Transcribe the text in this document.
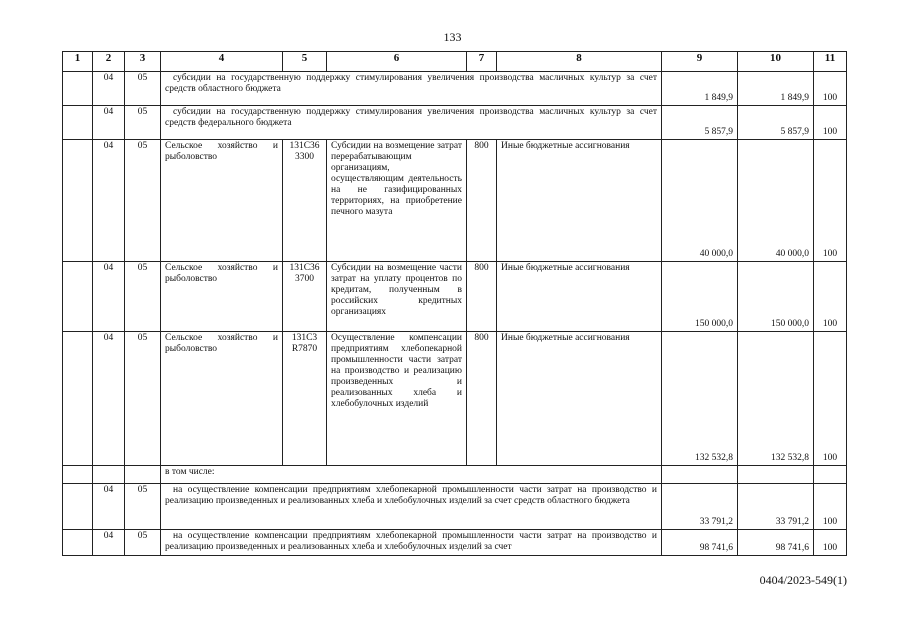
133
1	2	3	4	5	6	7	8	9	10	11
	04	05	субсидии на государственную поддержку стимулирования увеличения производства масличных культур за счет средств областного бюджета					1 849,9	1 849,9	100
	04	05	субсидии на государственную поддержку стимулирования увеличения производства масличных культур за счет средств федерального бюджета					5 857,9	5 857,9	100
	04	05	Сельское хозяйство и рыболовство	131С36 3300	Субсидии на возмещение затрат перерабатывающим организациям, осуществляющим деятельность на не газифицированных территориях, на приобретение печного мазута	800	Иные бюджетные ассигнования	40 000,0	40 000,0	100
	04	05	Сельское хозяйство и рыболовство	131С36 3700	Субсидии на возмещение части затрат на уплату процентов по кредитам, полученным в российских кредитных организациях	800	Иные бюджетные ассигнования	150 000,0	150 000,0	100
	04	05	Сельское хозяйство и рыболовство	131С3 R7870	Осуществление компенсации предприятиям хлебопекарной промышленности части затрат на производство и реализацию произведенных и реализованных хлеба и хлебобулочных изделий	800	Иные бюджетные ассигнования	132 532,8	132 532,8	100
			в том числе:							
	04	05	на осуществление компенсации предприятиям хлебопекарной промышленности части затрат на производство и реализацию произведенных и реализованных хлеба и хлебобулочных изделий за счет средств областного бюджета					33 791,2	33 791,2	100
	04	05	на осуществление компенсации предприятиям хлебопекарной промышленности части затрат на производство и реализацию произведенных и реализованных хлеба и хлебобулочных изделий за счет					98 741,6	98 741,6	100
0404/2023-549(1)
